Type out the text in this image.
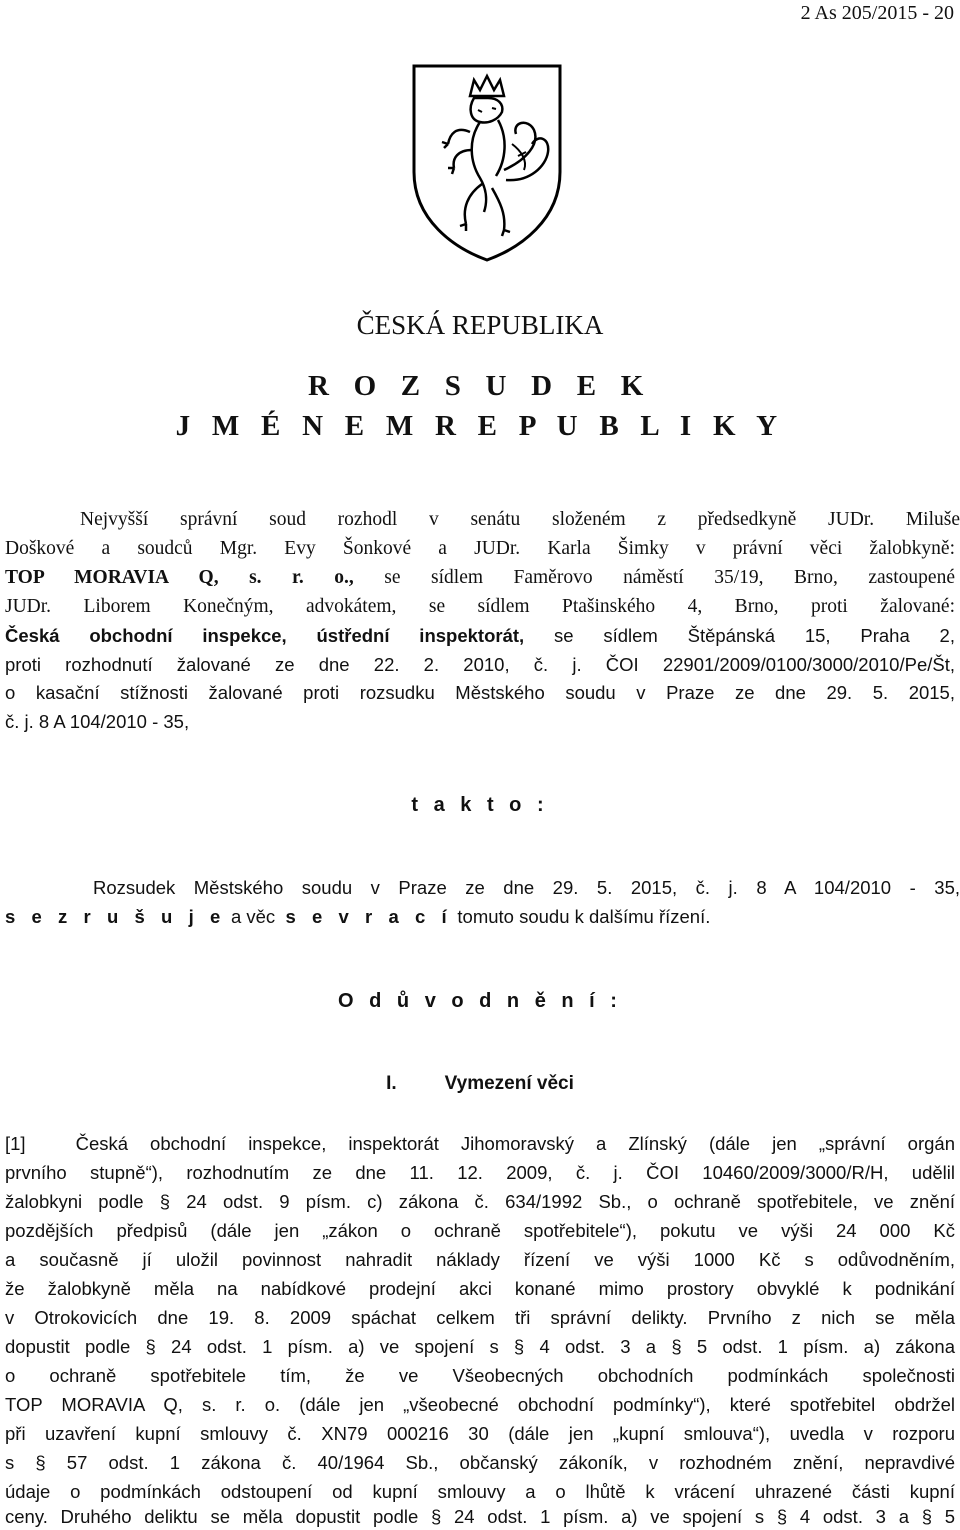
2 As 205/2015 - 20
ČESKÁ REPUBLIKA
R O Z S U D E K
J M É N E M R E P U B L I K Y
Nejvyšší správní soud rozhodl v senátu složeném z předsedkyně JUDr. Miluše
Doškové a soudců Mgr. Evy Šonkové a JUDr. Karla Šimky v právní věci žalobkyně:
TOP MORAVIA Q, s. r. o., se sídlem Faměrovo náměstí 35/19, Brno, zastoupené
JUDr. Liborem Konečným, advokátem, se sídlem Ptašinského 4, Brno, proti žalované:
Česká obchodní inspekce, ústřední inspektorát, se sídlem Štěpánská 15, Praha 2,
proti rozhodnutí žalované ze dne 22. 2. 2010, č. j. ČOI 22901/2009/0100/3000/2010/Pe/Št,
o kasační stížnosti žalované proti rozsudku Městského soudu v Praze ze dne 29. 5. 2015,
č. j. 8 A 104/2010 - 35,
t a k t o :
Rozsudek Městského soudu v Praze ze dne 29. 5. 2015, č. j. 8 A 104/2010 - 35,
s e z r u š u j e a věc s e v r a c í tomuto soudu k dalšímu řízení.
O d ů v o d n ě n í :
I.	Vymezení věci
[1]	Česká obchodní inspekce, inspektorát Jihomoravský a Zlínský (dále jen „správní orgán
prvního stupně“), rozhodnutím ze dne 11. 12. 2009, č. j. ČOI 10460/2009/3000/R/H, udělil
žalobkyni podle § 24 odst. 9 písm. c) zákona č. 634/1992 Sb., o ochraně spotřebitele, ve znění
pozdějších předpisů (dále jen „zákon o ochraně spotřebitele“), pokutu ve výši 24 000 Kč
a současně jí uložil povinnost nahradit náklady řízení ve výši 1000 Kč s odůvodněním,
že žalobkyně měla na nabídkové prodejní akci konané mimo prostory obvyklé k podnikání
v Otrokovicích dne 19. 8. 2009 spáchat celkem tři správní delikty. Prvního z nich se měla
dopustit podle § 24 odst. 1 písm. a) ve spojení s § 4 odst. 3 a § 5 odst. 1 písm. a) zákona
o ochraně spotřebitele tím, že ve Všeobecných obchodních podmínkách společnosti
TOP MORAVIA Q, s. r. o. (dále jen „všeobecné obchodní podmínky“), které spotřebitel obdržel
při uzavření kupní smlouvy č. XN79 000216 30 (dále jen „kupní smlouva“), uvedla v rozporu
s § 57 odst. 1 zákona č. 40/1964 Sb., občanský zákoník, v rozhodném znění, nepravdivé
údaje o podmínkách odstoupení od kupní smlouvy a o lhůtě k vrácení uhrazené části kupní
ceny. Druhého deliktu se měla dopustit podle § 24 odst. 1 písm. a) ve spojení s § 4 odst. 3 a § 5
